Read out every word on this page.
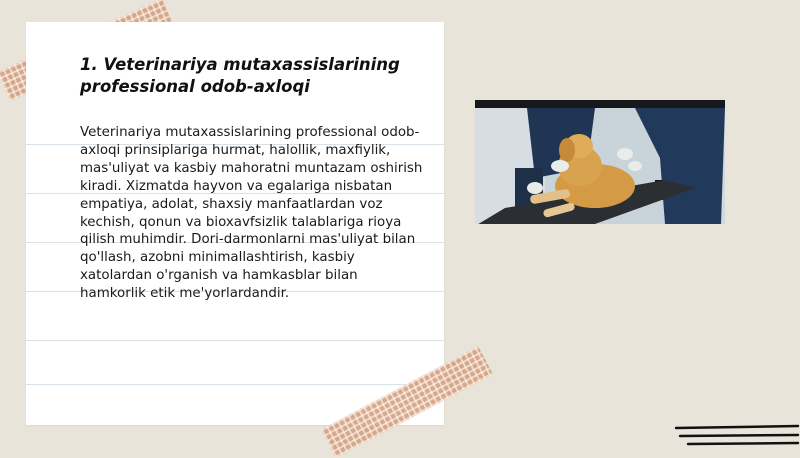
1. Veterinariya mutaxassislarining professional odob-axloqi

Veterinariya mutaxassislarining professional odob-axloqi prinsiplariga hurmat, halollik, maxfiylik, mas'uliyat va kasbiy mahoratni muntazam oshirish kiradi. Xizmatda hayvon va egalariga nisbatan empatiya, adolat, shaxsiy manfaatlardan voz kechish, qonun va bioxavfsizlik talablariga rioya qilish muhimdir. Dori-darmonlarni mas'uliyat bilan qo'llash, azobni minimallashtirish, kasbiy xatolardan o'rganish va hamkasblar bilan hamkorlik etik me'yorlardandir.
